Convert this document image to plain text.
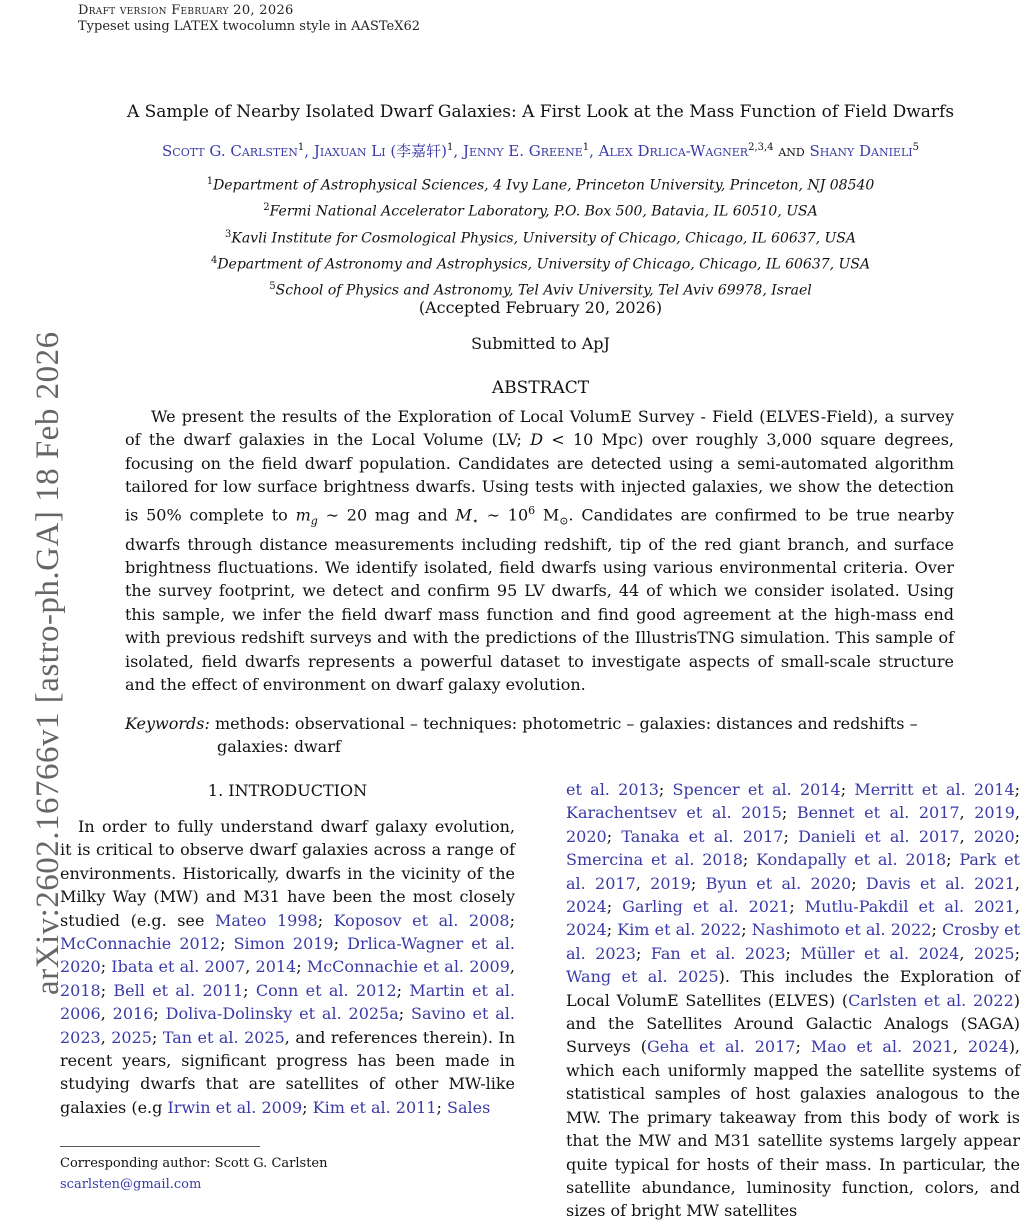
Draft version February 20, 2026
Typeset using LATEX twocolumn style in AASTeX62
arXiv:2602.16766v1 [astro-ph.GA] 18 Feb 2026
A Sample of Nearby Isolated Dwarf Galaxies: A First Look at the Mass Function of Field Dwarfs
Scott G. Carlsten$^1$, Jiaxuan Li (李嘉轩)$^1$, Jenny E. Greene$^1$, Alex Drlica-Wagner$^{2,3,4}$ and Shany Danieli$^5$
$^1$Department of Astrophysical Sciences, 4 Ivy Lane, Princeton University, Princeton, NJ 08540
$^2$Fermi National Accelerator Laboratory, P.O. Box 500, Batavia, IL 60510, USA
$^3$Kavli Institute for Cosmological Physics, University of Chicago, Chicago, IL 60637, USA
$^4$Department of Astronomy and Astrophysics, University of Chicago, Chicago, IL 60637, USA
$^5$School of Physics and Astronomy, Tel Aviv University, Tel Aviv 69978, Israel
(Accepted February 20, 2026)
Submitted to ApJ
ABSTRACT
We present the results of the Exploration of Local VolumE Survey - Field (ELVES-Field), a survey of the dwarf galaxies in the Local Volume (LV; D < 10 Mpc) over roughly 3,000 square degrees, focusing on the field dwarf population. Candidates are detected using a semi-automated algorithm tailored for low surface brightness dwarfs. Using tests with injected galaxies, we show the detection is 50% complete to $m_g$ ∼ 20 mag and $M_⋆$ ∼ $10^6$ $M_⊙$. Candidates are confirmed to be true nearby dwarfs through distance measurements including redshift, tip of the red giant branch, and surface brightness fluctuations. We identify isolated, field dwarfs using various environmental criteria. Over the survey footprint, we detect and confirm 95 LV dwarfs, 44 of which we consider isolated. Using this sample, we infer the field dwarf mass function and find good agreement at the high-mass end with previous redshift surveys and with the predictions of the IllustrisTNG simulation. This sample of isolated, field dwarfs represents a powerful dataset to investigate aspects of small-scale structure and the effect of environment on dwarf galaxy evolution.
Keywords: methods: observational – techniques: photometric – galaxies: distances and redshifts –
galaxies: dwarf
1. INTRODUCTION

In order to fully understand dwarf galaxy evolution, it is critical to observe dwarf galaxies across a range of environments. Historically, dwarfs in the vicinity of the Milky Way (MW) and M31 have been the most closely studied (e.g. see Mateo 1998; Koposov et al. 2008; McConnachie 2012; Simon 2019; Drlica-Wagner et al. 2020; Ibata et al. 2007, 2014; McConnachie et al. 2009, 2018; Bell et al. 2011; Conn et al. 2012; Martin et al. 2006, 2016; Doliva-Dolinsky et al. 2025a; Savino et al. 2023, 2025; Tan et al. 2025, and references therein). In recent years, significant progress has been made in studying dwarfs that are satellites of other MW-like galaxies (e.g Irwin et al. 2009; Kim et al. 2011; Sales

et al. 2013; Spencer et al. 2014; Merritt et al. 2014; Karachentsev et al. 2015; Bennet et al. 2017, 2019, 2020; Tanaka et al. 2017; Danieli et al. 2017, 2020; Smercina et al. 2018; Kondapally et al. 2018; Park et al. 2017, 2019; Byun et al. 2020; Davis et al. 2021, 2024; Garling et al. 2021; Mutlu-Pakdil et al. 2021, 2024; Kim et al. 2022; Nashimoto et al. 2022; Crosby et al. 2023; Fan et al. 2023; Müller et al. 2024, 2025; Wang et al. 2025). This includes the Exploration of Local VolumE Satellites (ELVES) (Carlsten et al. 2022) and the Satellites Around Galactic Analogs (SAGA) Surveys (Geha et al. 2017; Mao et al. 2021, 2024), which each uniformly mapped the satellite systems of statistical samples of host galaxies analogous to the MW. The primary takeaway from this body of work is that the MW and M31 satellite systems largely appear quite typical for hosts of their mass. In particular, the satellite abundance, luminosity function, colors, and sizes of bright MW satellites

Corresponding author: Scott G. Carlsten
scarlsten@gmail.com
